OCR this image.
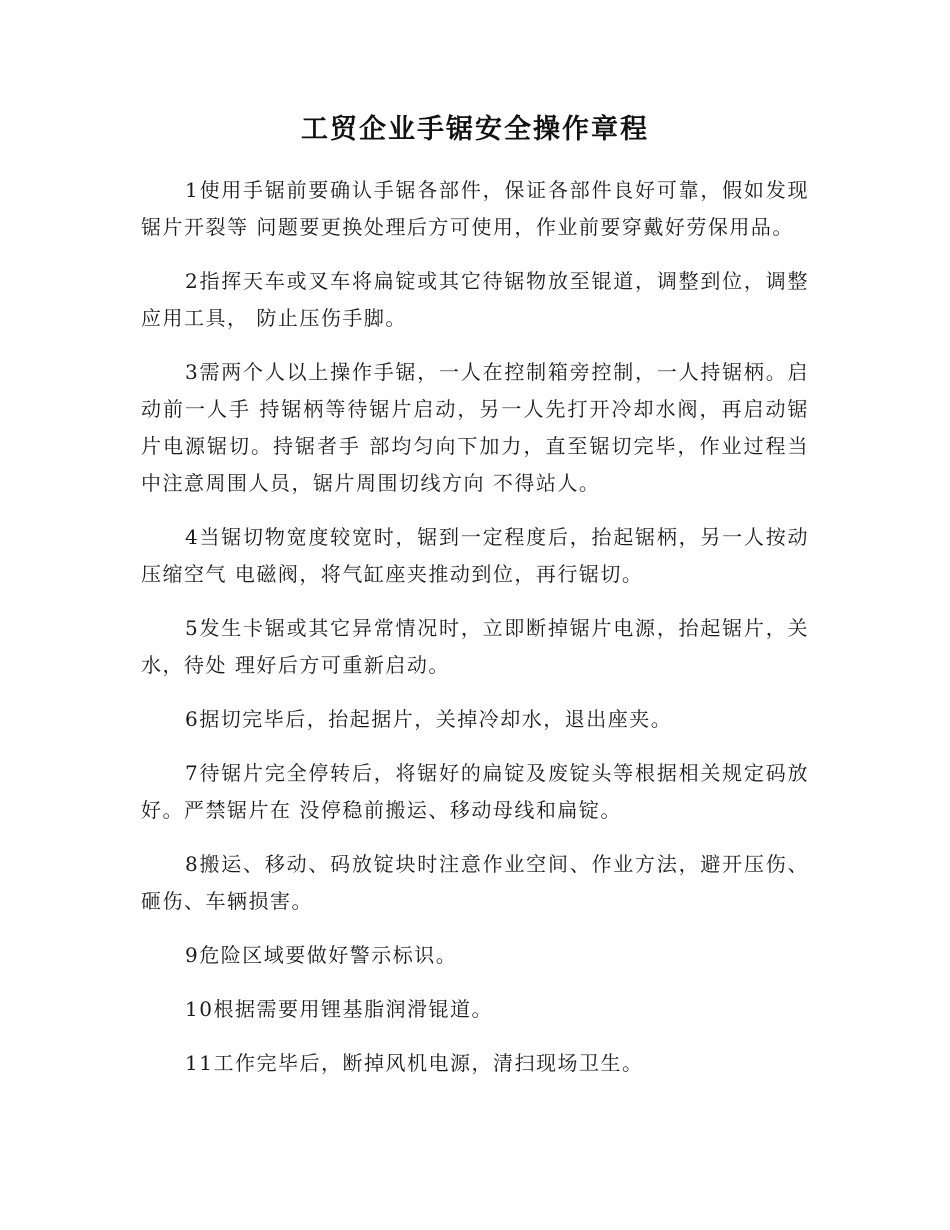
工贸企业手锯安全操作章程

1使用手锯前要确认手锯各部件，保证各部件良好可靠，假如发现锯片开裂等 问题要更换处理后方可使用，作业前要穿戴好劳保用品。

2指挥天车或叉车将扁锭或其它待锯物放至锟道，调整到位，调整应用工具， 防止压伤手脚。

3需两个人以上操作手锯，一人在控制箱旁控制，一人持锯柄。启动前一人手 持锯柄等待锯片启动，另一人先打开冷却水阀，再启动锯片电源锯切。持锯者手 部均匀向下加力，直至锯切完毕，作业过程当中注意周围人员，锯片周围切线方向 不得站人。

4当锯切物宽度较宽时，锯到一定程度后，抬起锯柄，另一人按动压缩空气 电磁阀，将气缸座夹推动到位，再行锯切。

5发生卡锯或其它异常情况时，立即断掉锯片电源，抬起锯片，关水，待处 理好后方可重新启动。

6据切完毕后，抬起据片，关掉冷却水，退出座夹。

7待锯片完全停转后，将锯好的扁锭及废锭头等根据相关规定码放好。严禁锯片在 没停稳前搬运、移动母线和扁锭。

8搬运、移动、码放锭块时注意作业空间、作业方法，避开压伤、砸伤、车辆损害。

9危险区域要做好警示标识。

10根据需要用锂基脂润滑锟道。

11工作完毕后，断掉风机电源，清扫现场卫生。
